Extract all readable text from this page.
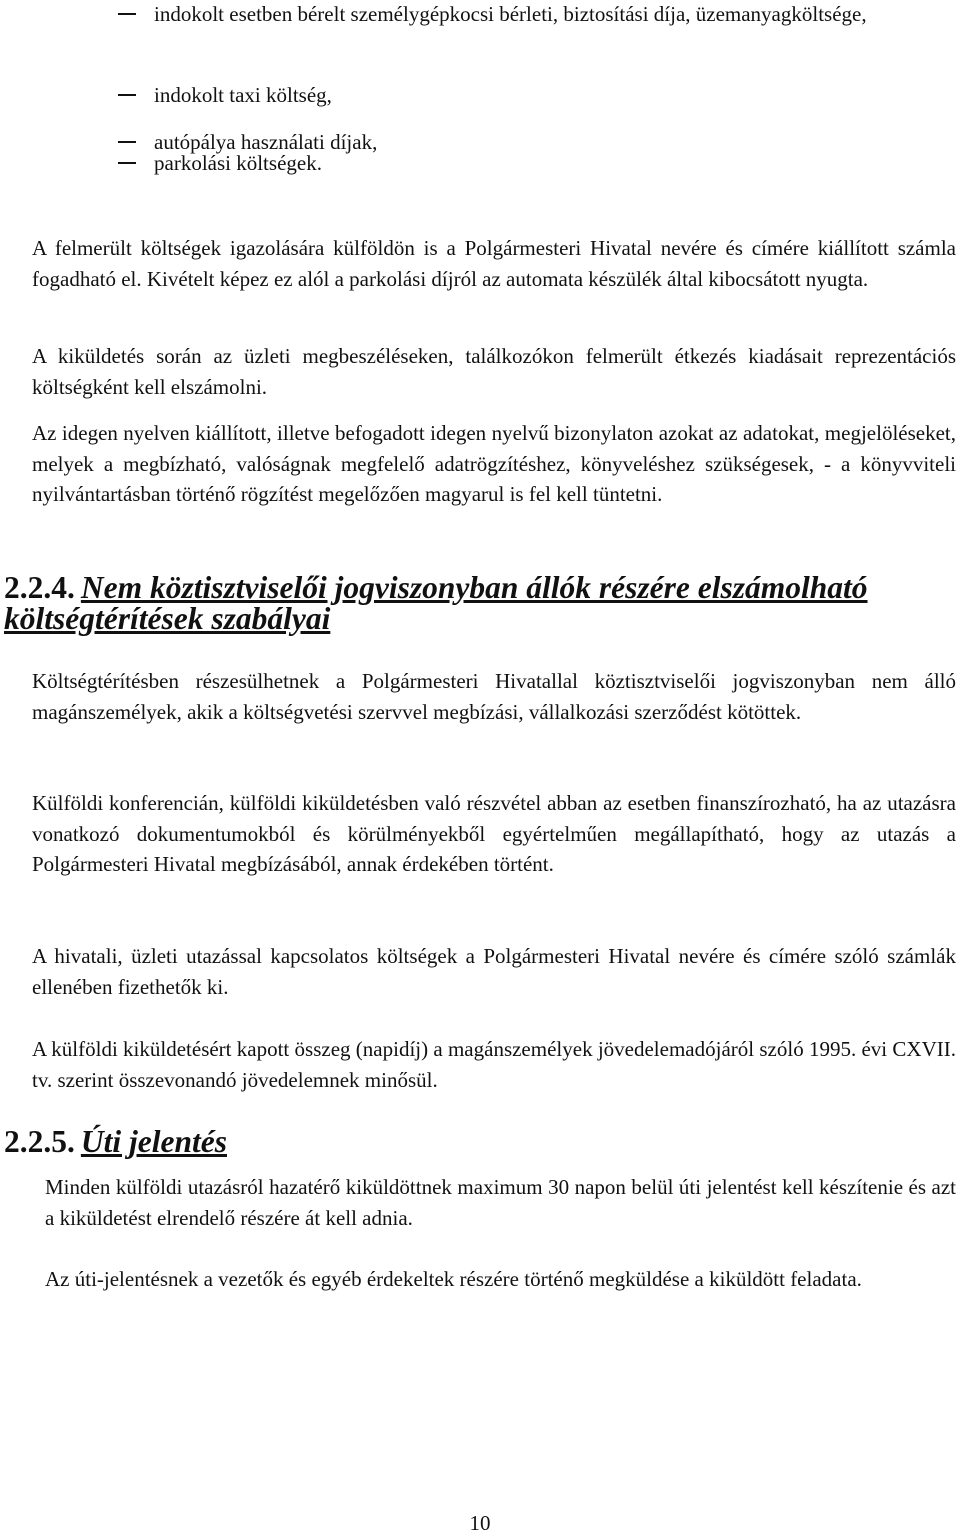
indokolt esetben bérelt személygépkocsi bérleti, biztosítási díja, üzemanyagköltsége,
indokolt taxi költség,
autópálya használati díjak,
parkolási költségek.

A felmerült költségek igazolására külföldön is a Polgármesteri Hivatal nevére és címére kiállított számla fogadható el. Kivételt képez ez alól a parkolási díjról az automata készülék által kibocsátott nyugta.

A kiküldetés során az üzleti megbeszéléseken, találkozókon felmerült étkezés kiadásait reprezentációs költségként kell elszámolni.

Az idegen nyelven kiállított, illetve befogadott idegen nyelvű bizonylaton azokat az adatokat, megjelöléseket, melyek a megbízható, valóságnak megfelelő adatrögzítéshez, könyveléshez szükségesek, - a könyvviteli nyilvántartásban történő rögzítést megelőzően magyarul is fel kell tüntetni.

2.2.4. Nem köztisztviselői jogviszonyban állók részére elszámolható költségtérítések szabályai

Költségtérítésben részesülhetnek a Polgármesteri Hivatallal köztisztviselői jogviszonyban nem álló magánszemélyek, akik a költségvetési szervvel megbízási, vállalkozási szerződést kötöttek.

Külföldi konferencián, külföldi kiküldetésben való részvétel abban az esetben finanszírozható, ha az utazásra vonatkozó dokumentumokból és körülményekből egyértelműen megállapítható, hogy az utazás a Polgármesteri Hivatal megbízásából, annak érdekében történt.

A hivatali, üzleti utazással kapcsolatos költségek a Polgármesteri Hivatal nevére és címére szóló számlák ellenében fizethetők ki.

A külföldi kiküldetésért kapott összeg (napidíj) a magánszemélyek jövedelemadójáról szóló 1995. évi CXVII. tv. szerint összevonandó jövedelemnek minősül.

2.2.5. Úti jelentés

Minden külföldi utazásról hazatérő kiküldöttnek maximum 30 napon belül úti jelentést kell készítenie és azt a kiküldetést elrendelő részére át kell adnia.

Az úti-jelentésnek a vezetők és egyéb érdekeltek részére történő megküldése a kiküldött feladata.

10
